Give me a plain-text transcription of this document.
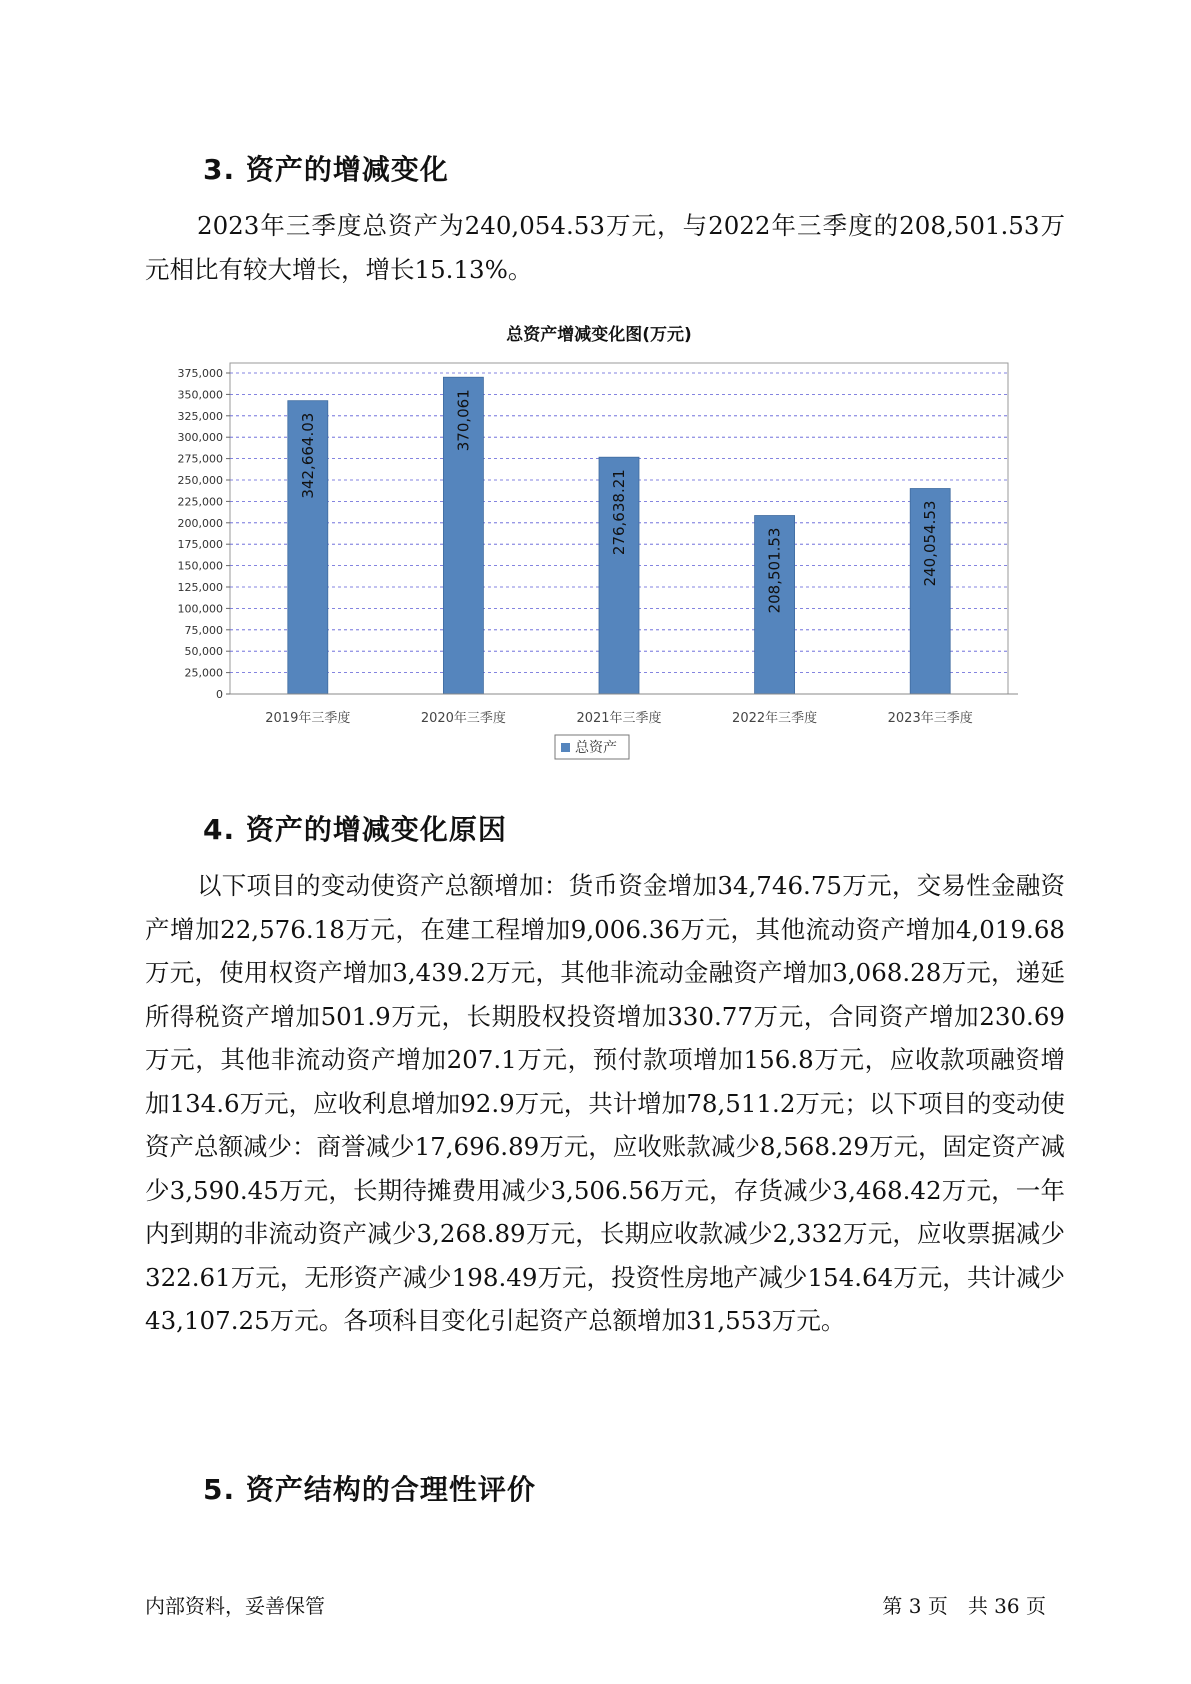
3. 资产的增减变化

2023年三季度总资产为240,054.53万元，与2022年三季度的208,501.53万元相比有较大增长，增长15.13%。

总资产增减变化图(万元)
0
25,000
50,000
75,000
100,000
125,000
150,000
175,000
200,000
225,000
250,000
275,000
300,000
325,000
350,000
375,000
342,664.03
2019年三季度
370,061
2020年三季度
276,638.21
2021年三季度
208,501.53
2022年三季度
240,054.53
2023年三季度
总资产
4. 资产的增减变化原因

以下项目的变动使资产总额增加：货币资金增加34,746.75万元，交易性金融资产增加22,576.18万元，在建工程增加9,006.36万元，其他流动资产增加4,019.68万元，使用权资产增加3,439.2万元，其他非流动金融资产增加3,068.28万元，递延所得税资产增加501.9万元，长期股权投资增加330.77万元，合同资产增加230.69万元，其他非流动资产增加207.1万元，预付款项增加156.8万元，应收款项融资增加134.6万元，应收利息增加92.9万元，共计增加78,511.2万元；以下项目的变动使资产总额减少：商誉减少17,696.89万元，应收账款减少8,568.29万元，固定资产减少3,590.45万元，长期待摊费用减少3,506.56万元，存货减少3,468.42万元，一年内到期的非流动资产减少3,268.89万元，长期应收款减少2,332万元，应收票据减少322.61万元，无形资产减少198.49万元，投资性房地产减少154.64万元，共计减少43,107.25万元。各项科目变化引起资产总额增加31,553万元。

5. 资产结构的合理性评价

内部资料，妥善保管	第 3 页　共 36 页
